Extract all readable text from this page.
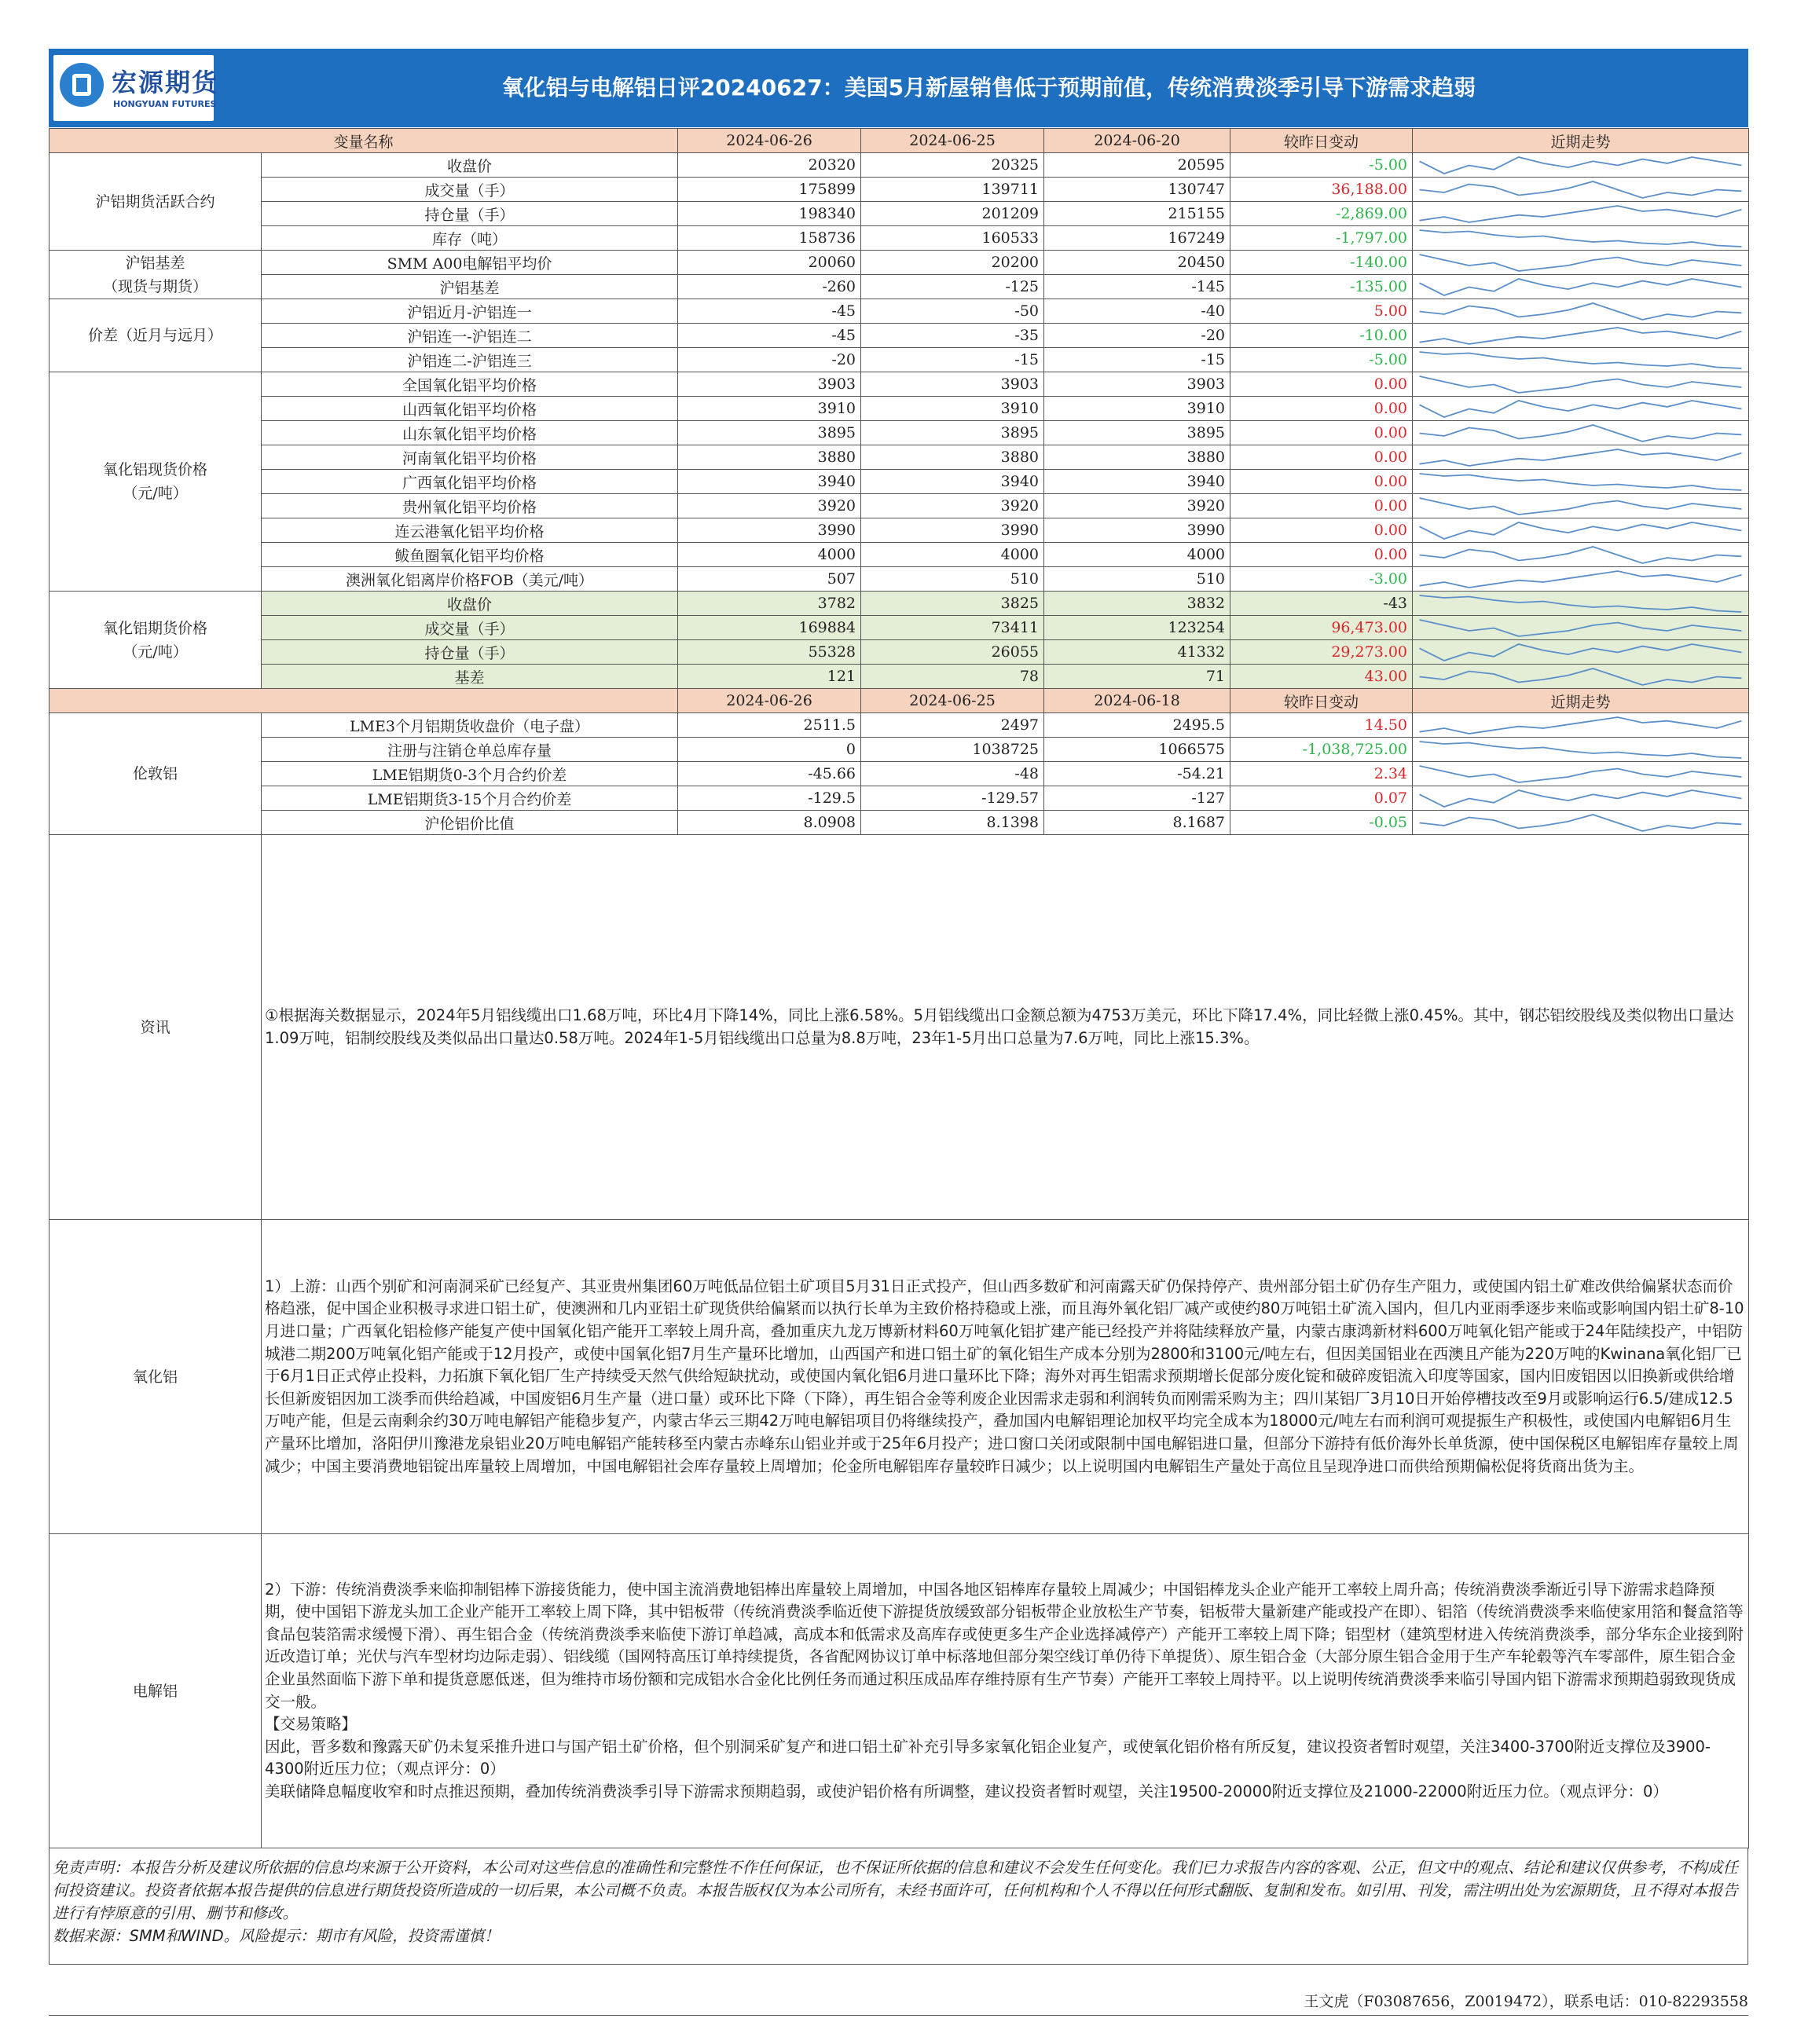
宏源期货
HONGYUAN FUTURES
氧化铝与电解铝日评20240627：美国5月新屋销售低于预期前值，传统消费淡季引导下游需求趋弱
变量名称		2024-06-26	2024-06-25	2024-06-20	较昨日变动	近期走势
沪铝期货活跃合约	收盘价	20320	20325	20595	-5.00	

	成交量（手）	175899	139711	130747	36,188.00	

	持仓量（手）	198340	201209	215155	-2,869.00	

	库存（吨）	158736	160533	167249	-1,797.00	

沪铝基差
（现货与期货）	SMM A00电解铝平均价	20060	20200	20450	-140.00	

	沪铝基差	-260	-125	-145	-135.00	

价差（近月与远月）	沪铝近月-沪铝连一	-45	-50	-40	5.00	

	沪铝连一-沪铝连二	-45	-35	-20	-10.00	

	沪铝连二-沪铝连三	-20	-15	-15	-5.00	

氧化铝现货价格
（元/吨）	全国氧化铝平均价格	3903	3903	3903	0.00	

	山西氧化铝平均价格	3910	3910	3910	0.00	

	山东氧化铝平均价格	3895	3895	3895	0.00	

	河南氧化铝平均价格	3880	3880	3880	0.00	

	广西氧化铝平均价格	3940	3940	3940	0.00	

	贵州氧化铝平均价格	3920	3920	3920	0.00	

	连云港氧化铝平均价格	3990	3990	3990	0.00	

	鲅鱼圈氧化铝平均价格	4000	4000	4000	0.00	

	澳洲氧化铝离岸价格FOB（美元/吨）	507	510	510	-3.00	

氧化铝期货价格
（元/吨）	收盘价	3782	3825	3832	-43	

	成交量（手）	169884	73411	123254	96,473.00	

	持仓量（手）	55328	26055	41332	29,273.00	

	基差	121	78	71	43.00	

		2024-06-26	2024-06-25	2024-06-18	较昨日变动	近期走势
伦敦铝	LME3个月铝期货收盘价（电子盘）	2511.5	2497	2495.5	14.50	

	注册与注销仓单总库存量	0	1038725	1066575	-1,038,725.00	

	LME铝期货0-3个月合约价差	-45.66	-48	-54.21	2.34	

	LME铝期货3-15个月合约价差	-129.5	-129.57	-127	0.07	

	沪伦铝价比值	8.0908	8.1398	8.1687	-0.05	

资讯	①根据海关数据显示，2024年5月铝线缆出口1.68万吨，环比4月下降14%，同比上涨6.58%。5月铝线缆出口金额总额为4753万美元，环比下降17.4%，同比轻微上涨0.45%。其中，钢芯铝绞股线及类似物出口量达1.09万吨，铝制绞股线及类似品出口量达0.58万吨。2024年1-5月铝线缆出口总量为8.8万吨，23年1-5月出口总量为7.6万吨，同比上涨15.3%。					

氧化铝	1）上游：山西个别矿和河南洞采矿已经复产、其亚贵州集团60万吨低品位铝土矿项目5月31日正式投产，但山西多数矿和河南露天矿仍保持停产、贵州部分铝土矿仍存生产阻力，或使国内铝土矿难改供给偏紧状态而价格趋涨，促中国企业积极寻求进口铝土矿，使澳洲和几内亚铝土矿现货供给偏紧而以执行长单为主致价格持稳或上涨，而且海外氧化铝厂减产或使约80万吨铝土矿流入国内，但几内亚雨季逐步来临或影响国内铝土矿8-10月进口量；广西氧化铝检修产能复产使中国氧化铝产能开工率较上周升高，叠加重庆九龙万博新材料60万吨氧化铝扩建产能已经投产并将陆续释放产量，内蒙古康鸿新材料600万吨氧化铝产能或于24年陆续投产，中铝防城港二期200万吨氧化铝产能或于12月投产，或使中国氧化铝7月生产量环比增加，山西国产和进口铝土矿的氧化铝生产成本分别为2800和3100元/吨左右，但因美国铝业在西澳且产能为220万吨的Kwinana氧化铝厂已于6月1日正式停止投料，力拓旗下氧化铝厂生产持续受天然气供给短缺扰动，或使国内氧化铝6月进口量环比下降；海外对再生铝需求预期增长促部分废化锭和破碎废铝流入印度等国家，国内旧废铝因以旧换新或供给增长但新废铝因加工淡季而供给趋减，中国废铝6月生产量（进口量）或环比下降（下降），再生铝合金等利废企业因需求走弱和利润转负而刚需采购为主；四川某铝厂3月10日开始停槽技改至9月或影响运行6.5/建成12.5万吨产能，但是云南剩余约30万吨电解铝产能稳步复产，内蒙古华云三期42万吨电解铝项目仍将继续投产，叠加国内电解铝理论加权平均完全成本为18000元/吨左右而利润可观提振生产积极性，或使国内电解铝6月生产量环比增加，洛阳伊川豫港龙泉铝业20万吨电解铝产能转移至内蒙古赤峰东山铝业并或于25年6月投产；进口窗口关闭或限制中国电解铝进口量，但部分下游持有低价海外长单货源，使中国保税区电解铝库存量较上周减少；中国主要消费地铝锭出库量较上周增加，中国电解铝社会库存量较上周增加；伦金所电解铝库存量较昨日减少；以上说明国内电解铝生产量处于高位且呈现净进口而供给预期偏松促将货商出货为主。					

电解铝	2）下游：传统消费淡季来临抑制铝棒下游接货能力，使中国主流消费地铝棒出库量较上周增加，中国各地区铝棒库存量较上周减少；中国铝棒龙头企业产能开工率较上周升高；传统消费淡季渐近引导下游需求趋降预期，使中国铝下游龙头加工企业产能开工率较上周下降，其中铝板带（传统消费淡季临近使下游提货放缓致部分铝板带企业放松生产节奏，铝板带大量新建产能或投产在即）、铝箔（传统消费淡季来临使家用箔和餐盒箔等食品包装箔需求缓慢下滑）、再生铝合金（传统消费淡季来临使下游订单趋减，高成本和低需求及高库存或使更多生产企业选择减停产）产能开工率较上周下降；铝型材（建筑型材进入传统消费淡季，部分华东企业接到附近改造订单；光伏与汽车型材均边际走弱）、铝线缆（国网特高压订单持续提货，各省配网协议订单中标落地但部分架空线订单仍待下单提货）、原生铝合金（大部分原生铝合金用于生产车轮毂等汽车零部件，原生铝合金企业虽然面临下游下单和提货意愿低迷，但为维持市场份额和完成铝水合金化比例任务而通过积压成品库存维持原有生产节奏）产能开工率较上周持平。以上说明传统消费淡季来临引导国内铝下游需求预期趋弱致现货成交一般。

【交易策略】

因此，晋多数和豫露天矿仍未复采推升进口与国产铝土矿价格，但个别洞采矿复产和进口铝土矿补充引导多家氧化铝企业复产，或使氧化铝价格有所反复，建议投资者暂时观望，关注3400-3700附近支撑位及3900-4300附近压力位；（观点评分：0）

美联储降息幅度收窄和时点推迟预期，叠加传统消费淡季引导下游需求预期趋弱，或使沪铝价格有所调整，建议投资者暂时观望，关注19500-20000附近支撑位及21000-22000附近压力位。（观点评分：0）					

免责声明：本报告分析及建议所依据的信息均来源于公开资料，本公司对这些信息的准确性和完整性不作任何保证，也不保证所依据的信息和建议不会发生任何变化。我们已力求报告内容的客观、公正，但文中的观点、结论和建议仅供参考，不构成任何投资建议。投资者依据本报告提供的信息进行期货投资所造成的一切后果，本公司概不负责。本报告版权仅为本公司所有，未经书面许可，任何机构和个人不得以任何形式翻版、复制和发布。如引用、刊发，需注明出处为宏源期货，且不得对本报告进行有悖原意的引用、删节和修改。
数据来源：SMM和WIND。风险提示：期市有风险，投资需谨慎！
王文虎（F03087656，Z0019472），联系电话：010-82293558
